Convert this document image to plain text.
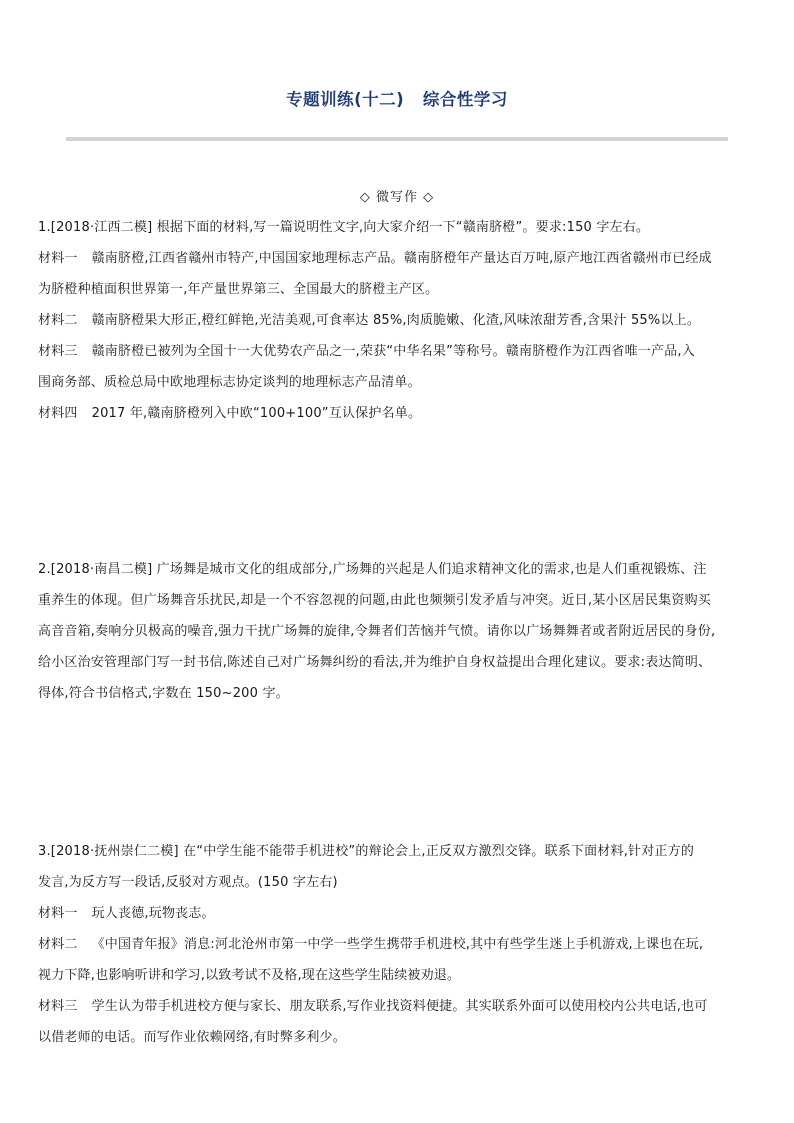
专题训练(十二)   综合性学习
◇ 微写作 ◇
1.[2018·江西二模] 根据下面的材料,写一篇说明性文字,向大家介绍一下“赣南脐橙”。要求:150 字左右。
材料一 赣南脐橙,江西省赣州市特产,中国国家地理标志产品。赣南脐橙年产量达百万吨,原产地江西省赣州市已经成
为脐橙种植面积世界第一,年产量世界第三、全国最大的脐橙主产区。
材料二 赣南脐橙果大形正,橙红鲜艳,光洁美观,可食率达 85%,肉质脆嫩、化渣,风味浓甜芳香,含果汁 55%以上。
材料三 赣南脐橙已被列为全国十一大优势农产品之一,荣获“中华名果”等称号。赣南脐橙作为江西省唯一产品,入
围商务部、质检总局中欧地理标志协定谈判的地理标志产品清单。
材料四 2017 年,赣南脐橙列入中欧“100+100”互认保护名单。
2.[2018·南昌二模] 广场舞是城市文化的组成部分,广场舞的兴起是人们追求精神文化的需求,也是人们重视锻炼、注
重养生的体现。但广场舞音乐扰民,却是一个不容忽视的问题,由此也频频引发矛盾与冲突。近日,某小区居民集资购买
高音音箱,奏响分贝极高的噪音,强力干扰广场舞的旋律,令舞者们苦恼并气愤。请你以广场舞舞者或者附近居民的身份,
给小区治安管理部门写一封书信,陈述自己对广场舞纠纷的看法,并为维护自身权益提出合理化建议。要求:表达简明、
得体,符合书信格式,字数在 150~200 字。
3.[2018·抚州崇仁二模] 在“中学生能不能带手机进校”的辩论会上,正反双方激烈交锋。联系下面材料,针对正方的
发言,为反方写一段话,反驳对方观点。(150 字左右)
材料一 玩人丧德,玩物丧志。
材料二 《中国青年报》消息:河北沧州市第一中学一些学生携带手机进校,其中有些学生迷上手机游戏,上课也在玩,
视力下降,也影响听讲和学习,以致考试不及格,现在这些学生陆续被劝退。
材料三 学生认为带手机进校方便与家长、朋友联系,写作业找资料便捷。其实联系外面可以使用校内公共电话,也可
以借老师的电话。而写作业依赖网络,有时弊多利少。
